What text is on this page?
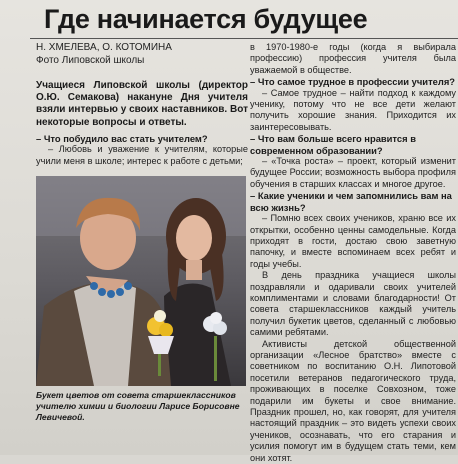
Где начинается будущее
Н. ХМЕЛЕВА, О. КОТОМИНА
Фото Липовской школы

Учащиеся Липовской школы (директор О.Ю. Семакова) накануне Дня учителя взяли интервью у своих наставников. Вот некоторые вопросы и ответы.

– Что побудило вас стать учителем?

– Любовь и уважение к учителям, которые учили меня в школе; интерес к работе с детьми;

Букет цветов от совета старшеклассников учителю химии и биологии Ларисе Борисовне Левичевой.

в 1970-1980-е годы (когда я выбирала профессию) профессия учителя была уважаемой в обществе.

– Что самое трудное в профессии учителя?

– Самое трудное – найти подход к каждому ученику, потому что не все дети желают получить хорошие знания. Приходится их заинтересовывать.

– Что вам больше всего нравится в современном образовании?

– «Точка роста» – проект, который изменит будущее России; возможность выбора профиля обучения в старших классах и многое другое.

– Какие ученики и чем запомнились вам на всю жизнь?

– Помню всех своих учеников, храню все их открытки, особенно ценны самодельные. Когда приходят в гости, достаю свою заветную папочку, и вместе вспоминаем всех ребят и годы учебы.

В день праздника учащиеся школы поздравляли и одаривали своих учителей комплиментами и словами благодарности! От совета старшеклассников каждый учитель получил букетик цветов, сделанный с любовью самими ребятами.

Активисты детской общественной организации «Лесное братство» вместе с советником по воспитанию О.Н. Липотовой посетили ветеранов педагогического труда, проживающих в поселке Совхозном, тоже подарили им букеты и свое внимание. Праздник прошел, но, как говорят, для учителя настоящий праздник – это видеть успехи своих учеников, осознавать, что его старания и усилия помогут им в будущем стать теми, кем они хотят.
